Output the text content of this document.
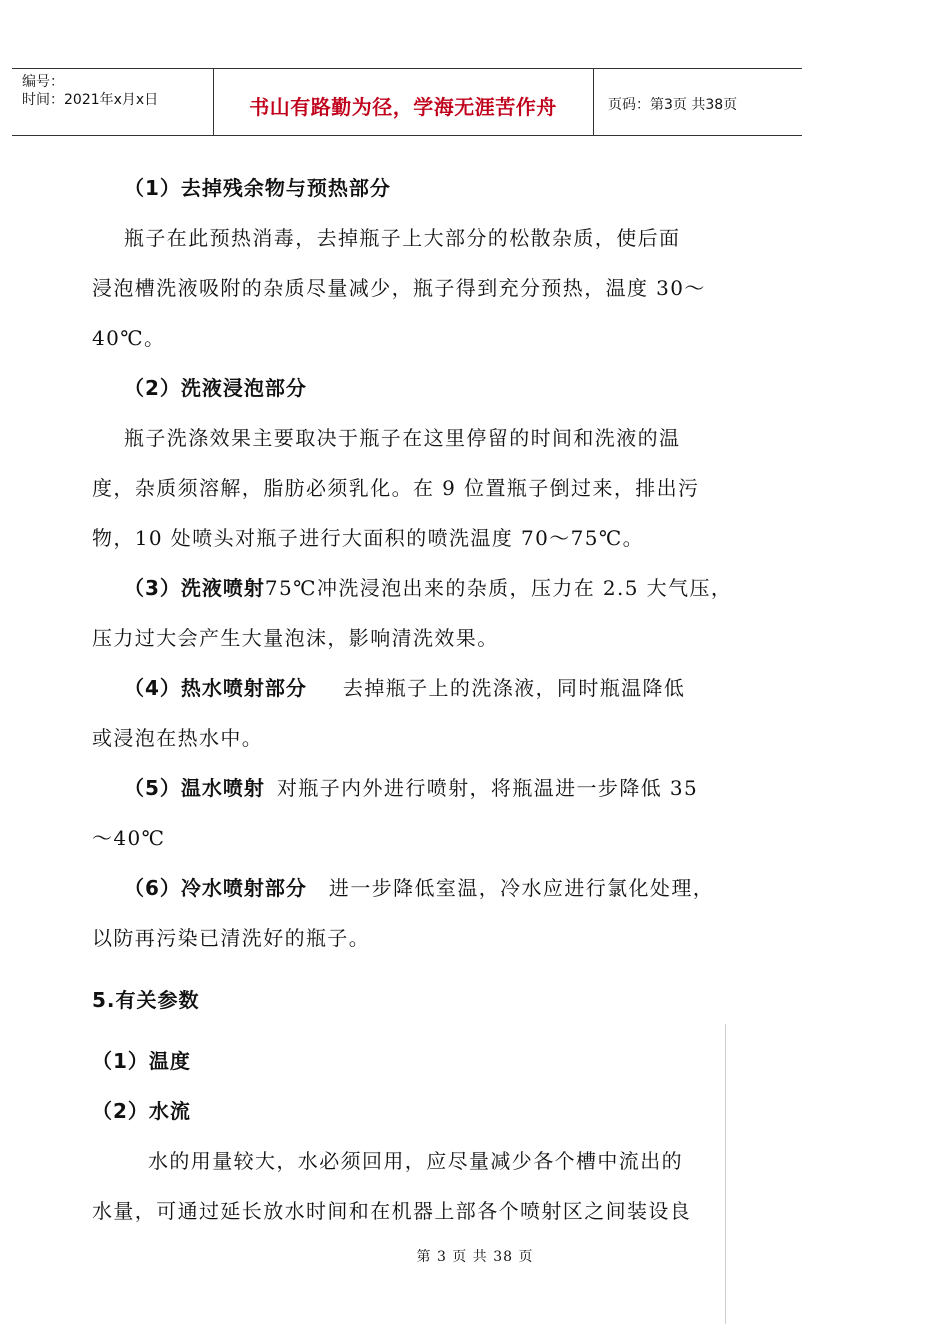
编号：
时间：2021年x月x日	书山有路勤为径，学海无涯苦作舟	页码：第3页 共38页
（1）去掉残余物与预热部分
瓶子在此预热消毒，去掉瓶子上大部分的松散杂质，使后面
浸泡槽洗液吸附的杂质尽量减少，瓶子得到充分预热，温度 30～
40℃。
（2）洗液浸泡部分
瓶子洗涤效果主要取决于瓶子在这里停留的时间和洗液的温
度，杂质须溶解，脂肪必须乳化。在 9 位置瓶子倒过来，排出污
物，10 处喷头对瓶子进行大面积的喷洗温度 70～75℃。
（3）洗液喷射75℃冲洗浸泡出来的杂质，压力在 2.5 大气压，
压力过大会产生大量泡沫，影响清洗效果。
（4）热水喷射部分 去掉瓶子上的洗涤液，同时瓶温降低
或浸泡在热水中。
（5）温水喷射 对瓶子内外进行喷射，将瓶温进一步降低 35
～40℃
（6）冷水喷射部分 进一步降低室温，冷水应进行氯化处理，
以防再污染已清洗好的瓶子。
5.有关参数
（1）温度
（2）水流
水的用量较大，水必须回用，应尽量减少各个槽中流出的
水量，可通过延长放水时间和在机器上部各个喷射区之间装设良
第 3 页 共 38 页
